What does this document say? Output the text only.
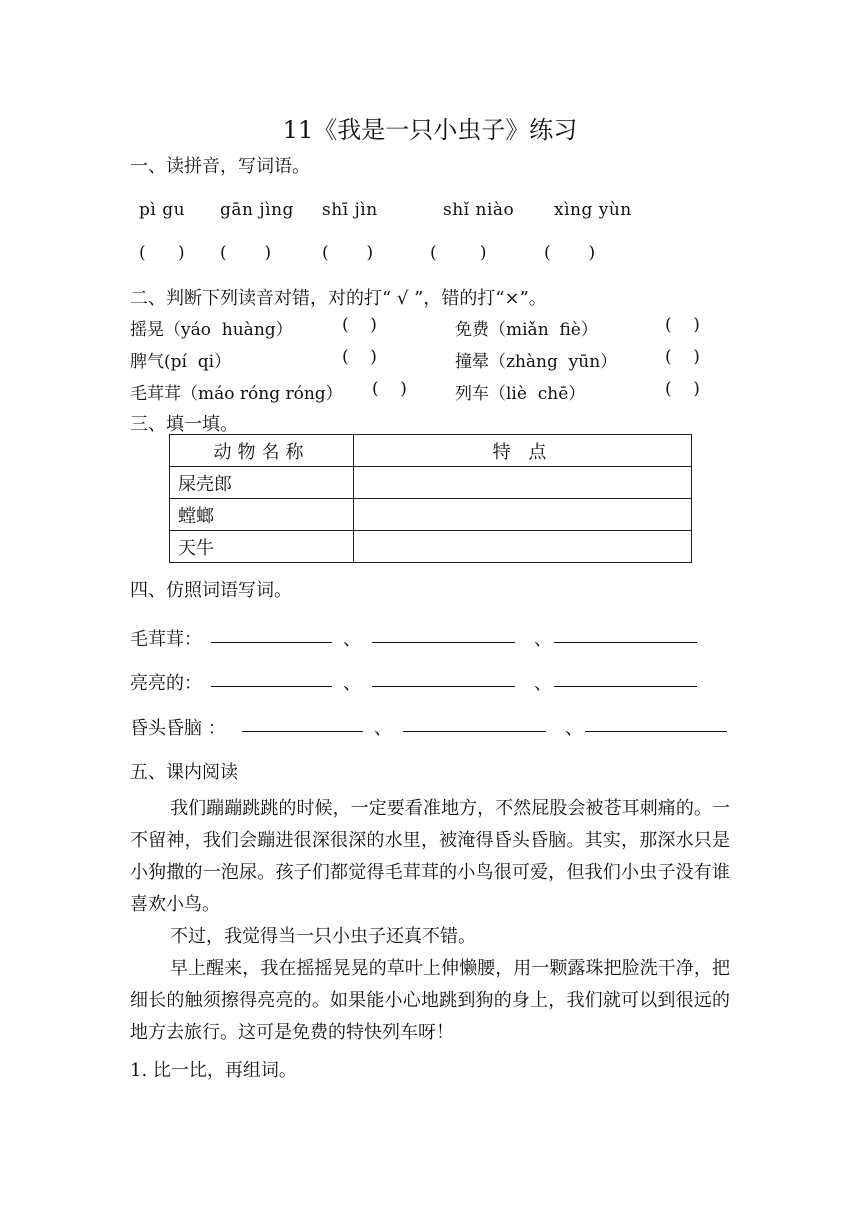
11《我是一只小虫子》练习
一、读拼音，写词语。
pì gu gān jìng shī jìn	shǐ niào xìng yùn
(      ) (       )	(       )	(        )	(       )
二、判断下列读音对错，对的打“ √ ”，错的打“×”。
摇晃（yáo  huàng）	(    )	免费（miǎn  fiè）	(    )
脾气(pí  qi）	(    )	撞晕（zhàng  yūn）	(    )
毛茸茸（máo róng róng） (    )	列车（liè  chē）	(    )
三、填一填。
动物名称	特 点
屎壳郎	
螳螂	
天牛	
四、仿照词语写词。
毛茸茸：	、	、
亮亮的：	、	、
昏头昏脑 ：	、	、
五、课内阅读

我们蹦蹦跳跳的时候，一定要看准地方，不然屁股会被苍耳刺痛的。一不留神，我们会蹦进很深很深的水里，被淹得昏头昏脑。其实，那深水只是小狗撒的一泡尿。孩子们都觉得毛茸茸的小鸟很可爱，但我们小虫子没有谁喜欢小鸟。

不过，我觉得当一只小虫子还真不错。

早上醒来，我在摇摇晃晃的草叶上伸懒腰，用一颗露珠把脸洗干净，把细长的触须擦得亮亮的。如果能小心地跳到狗的身上，我们就可以到很远的地方去旅行。这可是免费的特快列车呀！

1. 比一比，再组词。
